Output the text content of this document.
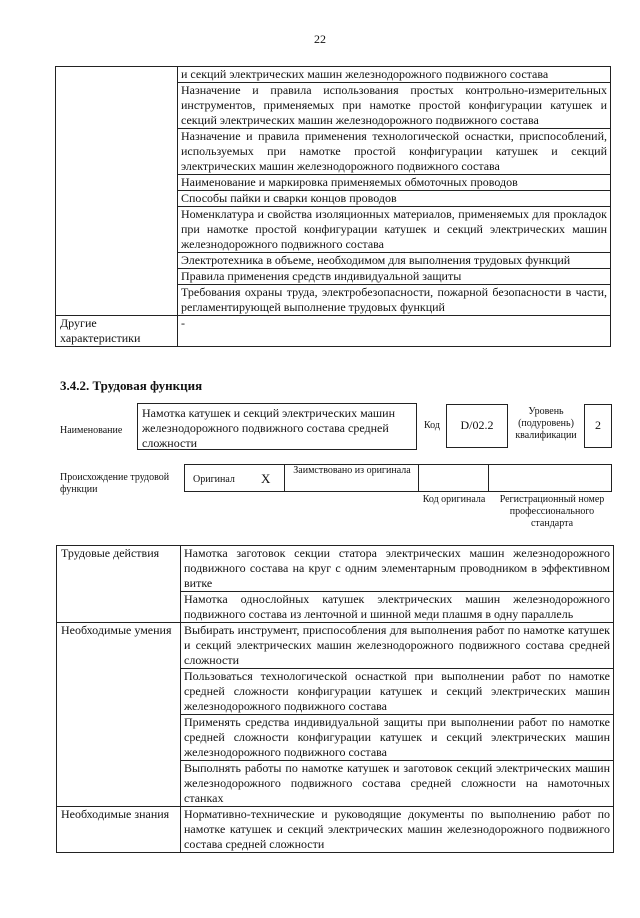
22
	и секций электрических машин железнодорожного подвижного состава
	Назначение и правила использования простых контрольно-измерительных инструментов, применяемых при намотке простой конфигурации катушек и секций электрических машин железнодорожного подвижного состава
	Назначение и правила применения технологической оснастки, приспособлений, используемых при намотке простой конфигурации катушек и секций электрических машин железнодорожного подвижного состава
	Наименование и маркировка применяемых обмоточных проводов
	Способы пайки и сварки концов проводов
	Номенклатура и свойства изоляционных материалов, применяемых для прокладок при намотке простой конфигурации катушек и секций электрических машин железнодорожного подвижного состава
	Электротехника в объеме, необходимом для выполнения трудовых функций
	Правила применения средств индивидуальной защиты
	Требования охраны труда, электробезопасности, пожарной безопасности в части, регламентирующей выполнение трудовых функций
Другие характеристики	-
3.4.2. Трудовая функция
Наименование
Намотка катушек и секций электрических машин железнодорожного подвижного состава средней сложности
Код	D/02.2
Уровень (подуровень) квалификации
2
Происхождение трудовой функции
Оригинал	X
Заимствовано из оригинала
Код оригинала	Регистрационный номер профессионального стандарта
Трудовые действия	Намотка заготовок секции статора электрических машин железнодорожного подвижного состава на круг с одним элементарным проводником в эффективном витке
	Намотка однослойных катушек электрических машин железнодорожного подвижного состава из ленточной и шинной меди плашмя в одну параллель
Необходимые умения	Выбирать инструмент, приспособления для выполнения работ по намотке катушек и секций электрических машин железнодорожного подвижного состава средней сложности
	Пользоваться технологической оснасткой при выполнении работ по намотке средней сложности конфигурации катушек и секций электрических машин железнодорожного подвижного состава
	Применять средства индивидуальной защиты при выполнении работ по намотке средней сложности конфигурации катушек и секций электрических машин железнодорожного подвижного состава
	Выполнять работы по намотке катушек и заготовок секций электрических машин железнодорожного подвижного состава средней сложности на намоточных станках
Необходимые знания	Нормативно-технические и руководящие документы по выполнению работ по намотке катушек и секций электрических машин железнодорожного подвижного состава средней сложности
